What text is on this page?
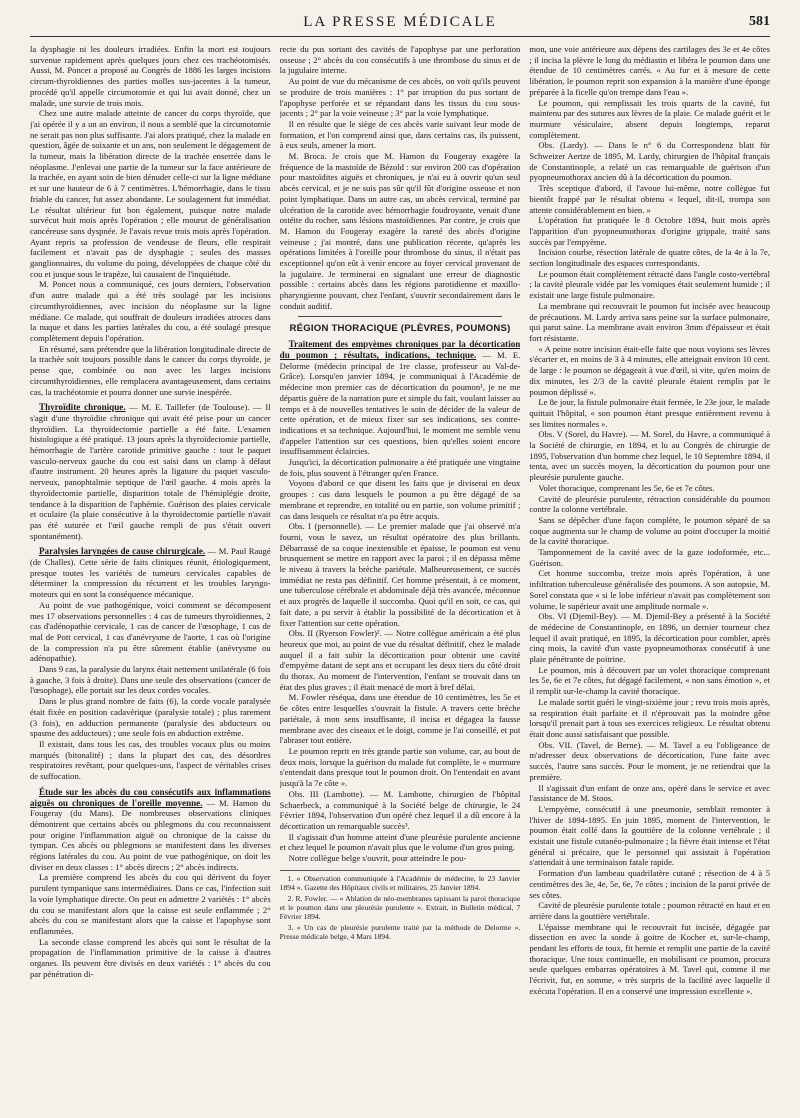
LA PRESSE MÉDICALE	581

la dysphagie ni les douleurs irradiées. Enfin la mort est toujours survenue rapidement après quelques jours chez ces trachéotomisés. Aussi, M. Poncet a proposé au Congrès de 1886 les larges incisions circum-thyroïdiennes des parties molles sus-jacentes à la tumeur, procédé qu'il appelle circumotomie et qui lui avait donné, chez un malade, une survie de trois mois.

Chez une autre malade atteinte de cancer du corps thyroïde, que j'ai opérée il y a un an environ, il nous a semblé que la circumotomie ne serait pas non plus suffisante. J'ai alors pratiqué, chez la malade en question, âgée de soixante et un ans, non seulement le dégagement de la tumeur, mais la libération directe de la trachée enserrée dans le néoplasme. J'enlevai une partie de la tumeur sur la face antérieure de la trachée, en ayant soin de bien dénuder celle-ci sur la ligne médiane et sur une hauteur de 6 à 7 centimètres. L'hémorrhagie, dans le tissu friable du cancer, fut assez abondante. Le soulagement fut immédiat. Le résultat ultérieur fut bon également, puisque notre malade survécut huit mois après l'opération ; elle mourut de généralisation cancéreuse sans dyspnée. Je l'avais revue trois mois après l'opération. Ayant repris sa profession de vendeuse de fleurs, elle respirait facilement et n'avait pas de dysphagie ; seules des masses ganglionnaires, du volume du poing, développées de chaque côté du cou et jusque sous le trapèze, lui causaient de l'inquiétude.

M. Poncet nous a communiqué, ces jours derniers, l'observation d'un autre malade qui a été très soulagé par les incisions circumthyroïdiennes, avec incision du néoplasme sur la ligne médiane. Ce malade, qui souffrait de douleurs irradiées atroces dans la nuque et dans les parties latérales du cou, a été soulagé presque complètement depuis l'opération.

En résumé, sans prétendre que la libération longitudinale directe de la trachée soit toujours possible dans le cancer du corps thyroïde, je pense que, combinée ou non avec les larges incisions circumthyroïdiennes, elle remplacera avantageusement, dans certains cas, la trachéotomie et pourra donner une survie inespérée.

Thyroïdite chronique. — M. E. Taillefer (de Toulouse). — Il s'agit d'une thyroïdite chronique qui avait été prise pour un cancer thyroïdien. La thyroïdectomie partielle a été faite. L'examen histologique a été pratiqué. 13 jours après la thyroïdectomie partielle, hémorrhagie de l'artère carotide primitive gauche : tout le paquet vasculo-nerveux gauche du cou est saisi dans un clamp à défaut d'autre instrument. 20 heures après la ligature du paquet vasculo-nerveux, panophtalmie septique de l'œil gauche. 4 mois après la thyroïdectomie partielle, disparition totale de l'hémiplégie droite, tendance à la disparition de l'aphémie. Guérison des plaies cervicale et oculaire (la plaie consécutive à la thyroïdectomie partielle n'avait pas été suturée et l'œil gauche rempli de pus s'était ouvert spontanément).

Paralysies laryngées de cause chirurgicale. — M. Paul Raugé (de Challes). Cette série de faits cliniques réunit, étiologiquement, presque toutes les variétés de tumeurs cervicales capables de déterminer la compression du récurrent et les troubles laryngo-moteurs qui en sont la conséquence mécanique.

Au point de vue pathogénique, voici comment se décomposent mes 17 observations personnelles : 4 cas de tumeurs thyroïdiennes, 2 cas d'adénopathie cervicale, 1 cas de cancer de l'œsophage, 1 cas de mal de Pott cervical, 1 cas d'anévrysme de l'aorte, 1 cas où l'origine de la compression n'a pu être sûrement établie (anévrysme ou adénopathie).

Dans 9 cas, la paralysie du larynx était nettement unilatérale (6 fois à gauche, 3 fois à droite). Dans une seule des observations (cancer de l'œsophage), elle portait sur les deux cordes vocales.

Dans le plus grand nombre de faits (6), la corde vocale paralysée était fixée en position cadavérique (paralysie totale) ; plus rarement (3 fois), en adduction permanente (paralysie des abducteurs ou spasme des adducteurs) ; une seule fois en abduction extrême.

Il existait, dans tous les cas, des troubles vocaux plus ou moins marqués (bitonalité) ; dans la plupart des cas, des désordres respiratoires revêtant, pour quelques-uns, l'aspect de véritables crises de suffocation.

Étude sur les abcès du cou consécutifs aux inflammations aiguës ou chroniques de l'oreille moyenne. — M. Hamon du Fougeray (du Mans). De nombreuses observations cliniques démontrent que certains abcès ou phlegmons du cou reconnaissent pour origine l'inflammation aiguë ou chronique de la caisse du tympan. Ces abcès ou phlegmons se manifestent dans les diverses régions latérales du cou. Au point de vue pathogénique, on doit les diviser en deux classes : 1° abcès directs ; 2° abcès indirects.

La première comprend les abcès du cou qui dérivent du foyer purulent tympanique sans intermédiaires. Dans ce cas, l'infection suit la voie lymphatique directe. On peut en admettre 2 variétés : 1° abcès du cou se manifestant alors que la caisse est seule enflammée ; 2° abcès du cou se manifestant alors que la caisse et l'apophyse sont enflammées.

La seconde classe comprend les abcès qui sont le résultat de la propagation de l'inflammation primitive de la caisse à d'autres organes. Ils peuvent être divisés en deux variétés : 1° abcès du cou par pénétration di-

recte du pus sortant des cavités de l'apophyse par une perforation osseuse ; 2° abcès du cou consécutifs à une thrombose du sinus et de la jugulaire interne.

Au point de vue du mécanisme de ces abcès, on voit qu'ils peuvent se produire de trois manières : 1° par irruption du pus sortant de l'apophyse perforée et se répandant dans les tissus du cou sous-jacents ; 2° par la voie veineuse ; 3° par la voie lymphatique.

Il en résulte que le siège de ces abcès varie suivant leur mode de formation, et l'on comprend ainsi que, dans certains cas, ils puissent, à eux seuls, amener la mort.

M. Broca. Je crois que M. Hamon du Fougeray exagère la fréquence de la mastoïde de Bézold : sur environ 200 cas d'opération pour mastoïdites aiguës et chroniques, je n'ai eu à ouvrir qu'un seul abcès cervical, et je ne suis pas sûr qu'il fût d'origine osseuse et non point lymphatique. Dans un autre cas, un abcès cervical, terminé par ulcération de la carotide avec hémorrhagie foudroyante, venait d'une ostéite du rocher, sans lésions mastoïdiennes. Par contre, je crois que M. Hamon du Fougeray exagère la rareté des abcès d'origine veineuse ; j'ai montré, dans une publication récente, qu'après les opérations limitées à l'oreille pour thrombose du sinus, il n'était pas exceptionnel qu'on eût à venir encore au foyer cervical provenant de la jugulaire. Je terminerai en signalant une erreur de diagnostic possible : certains abcès dans les régions parotidienne et maxillo-pharyngienne pouvant, chez l'enfant, s'ouvrir secondairement dans le conduit auditif.

RÉGION THORACIQUE (PLÈVRES, POUMONS)

Traitement des empyèmes chroniques par la décortication du poumon ; résultats, indications, technique. — M. E. Delorme (médecin principal de 1re classe, professeur au Val-de-Grâce). Lorsqu'en janvier 1894, je communiquai à l'Académie de médecine mon premier cas de décortication du poumon¹, je ne me départis guère de la narration pure et simple du fait, voulant laisser au temps et à de nouvelles tentatives le soin de décider de la valeur de cette opération, et de mieux fixer sur ses indications, ses contre-indications et sa technique. Aujourd'hui, le moment me semble venu d'appeler l'attention sur ces questions, bien qu'elles soient encore insuffisamment éclaircies.

Jusqu'ici, la décortication pulmonaire a été pratiquée une vingtaine de fois, plus souvent à l'étranger qu'en France.

Voyons d'abord ce que disent les faits que je diviserai en deux groupes : cas dans lesquels le poumon a pu être dégagé de sa membrane et reprendre, en totalité ou en partie, son volume primitif ; cas dans lesquels ce résultat n'a pu être acquis.

Obs. I (personnelle). — Le premier malade que j'ai observé m'a fourni, vous le savez, un résultat opératoire des plus brillants. Débarrassé de sa coque inextensible et épaisse, le poumon est venu brusquement se mettre en rapport avec la paroi ; il en dépassa même le niveau à travers la brèche pariétale. Malheureusement, ce succès immédiat ne resta pas définitif. Cet homme présentait, à ce moment, une tuberculose cérébrale et abdominale déjà très avancée, méconnue et aux progrès de laquelle il succomba. Quoi qu'il en soit, ce cas, qui fait date, a pu servir à établir la possibilité de la décortication et à fixer l'attention sur cette opération.

Obs. II (Ryerson Fowler)². — Notre collègue américain a été plus heureux que moi, au point de vue du résultat définitif, chez le malade auquel il a fait subir la décortication pour obtenir une cavité d'empyème datant de sept ans et occupant les deux tiers du côté droit du thorax. Au moment de l'intervention, l'enfant se trouvait dans un état des plus graves ; il était menacé de mort à bref délai.

M. Fowler réséqua, dans une étendue de 10 centimètres, les 5e et 6e côtes entre lesquelles s'ouvrait la fistule. A travers cette brèche pariétale, à mon sens insuffisante, il incisa et dégagea la fausse membrane avec des ciseaux et le doigt, comme je l'ai conseillé, et put l'abraser tout entière.

Le poumon reprit en très grande partie son volume, car, au bout de deux mois, lorsque la guérison du malade fut complète, le « murmure s'entendait dans presque tout le poumon droit. On l'entendait en avant jusqu'à la 7e côte ».

Obs. III (Lambotte). — M. Lambotte, chirurgien de l'hôpital Schaerbeck, a communiqué à la Société belge de chirurgie, le 24 Février 1894, l'observation d'un opéré chez lequel il a dû encore à la décortication un remarquable succès³.

Il s'agissait d'un homme atteint d'une pleurésie purulente ancienne et chez lequel le poumon n'avait plus que le volume d'un gros poing.

Notre collègue belge s'ouvrit, pour atteindre le pou-

1. « Observation communiquée à l'Académie de médecine, le 23 Janvier 1894 ». Gazette des Hôpitaux civils et militaires, 25 Janvier 1894.

2. R. Fowler. — « Ablation de néo-membranes tapissant la paroi thoracique et le poumon dans une pleurésie purulente ». Extrait, in Bulletin médical, 7 Février 1894.

3. « Un cas de pleurésie purulente traité par la méthode de Delorme ». Presse médicale belge, 4 Mars 1894.

mon, une voie antérieure aux dépens des cartilages des 3e et 4e côtes ; il incisa la plèvre le long du médiastin et libéra le poumon dans une étendue de 10 centimètres carrés. « Au fur et à mesure de cette libération, le poumon reprit son expansion à la manière d'une éponge préparée à la ficelle qu'on trempe dans l'eau ».

Le poumon, qui remplissait les trois quarts de la cavité, fut maintenu par des sutures aux lèvres de la plaie. Ce malade guérit et le murmure vésiculaire, absent depuis longtemps, reparut complètement.

Obs. (Lardy). — Dans le n° 6 du Correspondenz blatt für Schweizer Aertze de 1895, M. Lardy, chirurgien de l'hôpital français de Constantinople, a relaté un cas remarquable de guérison d'un pyopneumothorax ancien dû à la décortication du poumon.

Très sceptique d'abord, il l'avoue lui-même, notre collègue fut bientôt frappé par le résultat obtenu « lequel, dit-il, trompa son attente considérablement en bien. »

L'opération fut pratiquée le 8 Octobre 1894, huit mois après l'apparition d'un pyopneumothorax d'origine grippale, traité sans succès par l'empyème.

Incision courbe, résection latérale de quatre côtes, de la 4e à la 7e, section longitudinale des espaces correspondants.

Le poumon était complètement rétracté dans l'angle costo-vertébral ; la cavité pleurale vidée par les vomiques était seulement humide ; il existait une large fistule pulmonaire.

La membrane qui recouvrait le poumon fut incisée avec beaucoup de précautions. M. Lardy arriva sans peine sur la surface pulmonaire, qui parut saine. La membrane avait environ 3mm d'épaisseur et était fort résistante.

« A peine notre incision était-elle faite que nous voyions ses lèvres s'écarter et, en moins de 3 à 4 minutes, elle atteignait environ 10 cent. de large : le poumon se dégageait à vue d'œil, si vite, qu'en moins de dix minutes, les 2/3 de la cavité pleurale étaient remplis par le poumon déplissé ».

Le 8e jour, la fistule pulmonaire était fermée, le 23e jour, le malade quittait l'hôpital, « son poumon étant presque entièrement revenu à ses limites normales ».

Obs. V (Sorel, du Havre). — M. Sorel, du Havre, a communiqué à la Société de chirurgie, en 1894, et lu au Congrès de chirurgie de 1895, l'observation d'un homme chez lequel, le 10 Septembre 1894, il tenta, avec un succès moyen, la décortication du poumon pour une pleurésie purulente gauche.

Volet thoracique, comprenant les 5e, 6e et 7e côtes.

Cavité de pleurésie purulente, rétraction considérable du poumon contre la colonne vertébrale.

Sans se dépêcher d'une façon complète, le poumon séparé de sa coque augmenta sur le champ de volume au point d'occuper la moitié de la cavité thoracique.

Tamponnement de la cavité avec de la gaze iodoformée, etc... Guérison.

Cet homme succomba, treize mois après l'opération, à une infiltration tuberculeuse généralisée des poumons. A son autopsie, M. Sorel constata que « si le lobe inférieur n'avait pas complètement son volume, le supérieur avait une amplitude normale ».

Obs. VI (Djemil-Bey). — M. Djemil-Bey a présenté à la Société de médecine de Constantinople, en 1896, un dernier tourneur chez lequel il avait pratiqué, en 1895, la décortication pour combler, après cinq mois, la cavité d'un vaste pyopneumothorax consécutif à une plaie pénétrante de poitrine.

Le poumon, mis à découvert par un volet thoracique comprenant les 5e, 6e et 7e côtes, fut dégagé facilement, « non sans émotion », et il remplit sur-le-champ la cavité thoracique.

Le malade sortit guéri le vingt-sixième jour ; revu trois mois après, sa respiration était parfaite et il n'éprouvait pas la moindre gêne lorsqu'il prenait part à tous ses exercices religieux. Le résultat obtenu était donc aussi satisfaisant que possible.

Obs. VII. (Tavel, de Berne). — M. Tavel a eu l'obligeance de m'adresser deux observations de décortication, l'une faite avec succès, l'autre sans succès. Pour le moment, je ne retiendrai que la première.

Il s'agissait d'un enfant de onze ans, opéré dans le service et avec l'assistance de M. Stoos.

L'empyème, consécutif à une pneumonie, semblait remonter à l'hiver de 1894-1895. En juin 1895, moment de l'intervention, le poumon était collé dans la gouttière de la colonne vertébrale ; il existait une fistule cutanéo-pulmonaire ; la fièvre était intense et l'état général si précaire, que le personnel qui assistait à l'opération s'attendait à une terminaison fatale rapide.

Formation d'un lambeau quadrilatère cutané ; résection de 4 à 5 centimètres des 3e, 4e, 5e, 6e, 7e côtes ; incision de la paroi privée de ses côtes.

Cavité de pleurésie purulente totale ; poumon rétracté en haut et en arrière dans la gouttière vertébrale.

L'épaisse membrane qui le recouvrait fut incisée, dégagée par dissection en avec la sonde à goitre de Kocher et, sur-le-champ, pendant les efforts de toux, fit hernie et remplit une partie de la cavité thoracique. Une toux continuelle, en mobilisant ce poumon, procura seule quelques embarras opératoires à M. Tavel qui, comme il me l'écrivit, fut, en somme, « très surpris de la facilité avec laquelle il exécuta l'opération. Il en a conservé une impression excellente ».
